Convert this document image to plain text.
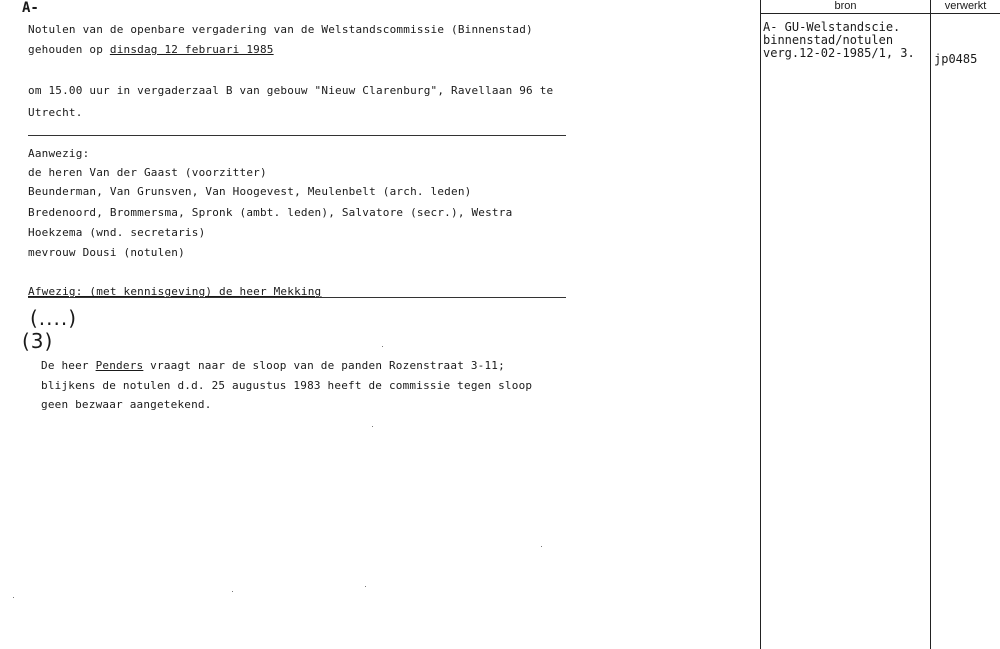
A-
Notulen van de openbare vergadering van de Welstandscommissie (Binnenstad)
gehouden op dinsdag 12 februari 1985
om 15.00 uur in vergaderzaal B van gebouw "Nieuw Clarenburg", Ravellaan 96 te
Utrecht.
Aanwezig:
de heren Van der Gaast (voorzitter)
Beunderman, Van Grunsven, Van Hoogevest, Meulenbelt (arch. leden)
Bredenoord, Brommersma, Spronk (ambt. leden), Salvatore (secr.), Westra
Hoekzema (wnd. secretaris)
mevrouw Dousi (notulen)
Afwezig: (met kennisgeving) de heer Mekking
(....)
(3)
De heer Penders vraagt naar de sloop van de panden Rozenstraat 3-11;
blijkens de notulen d.d. 25 augustus 1983 heeft de commissie tegen sloop
geen bezwaar aangetekend.
bron	verwerkt
A- GU-Welstandscie.
binnenstad/notulen
verg.12-02-1985/1, 3. jp0485
